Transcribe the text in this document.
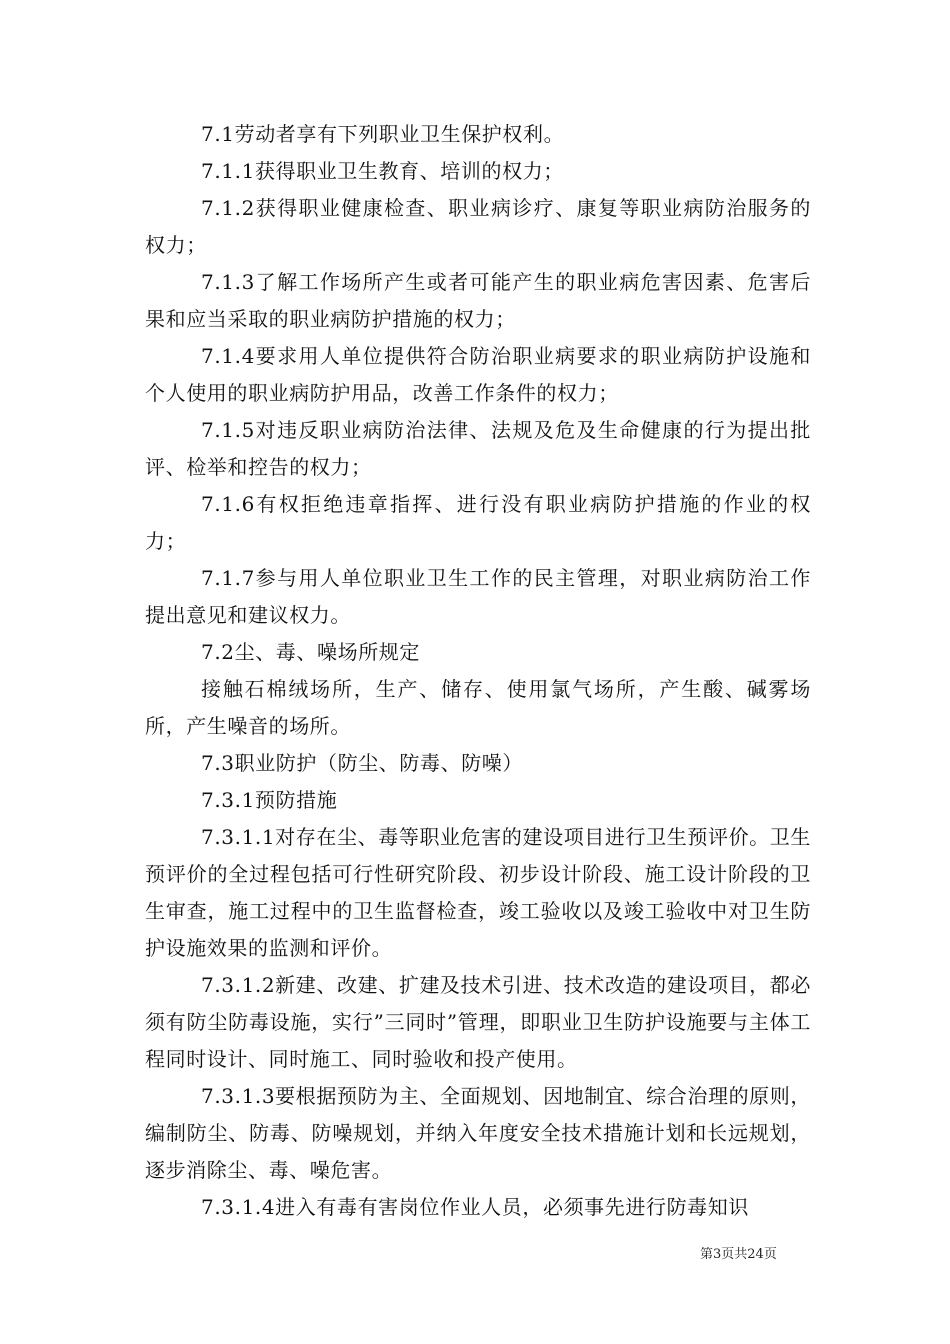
7.1劳动者享有下列职业卫生保护权利。

7.1.1获得职业卫生教育、培训的权力；

7.1.2获得职业健康检查、职业病诊疗、康复等职业病防治服务的权力；

7.1.3了解工作场所产生或者可能产生的职业病危害因素、危害后果和应当采取的职业病防护措施的权力；

7.1.4要求用人单位提供符合防治职业病要求的职业病防护设施和个人使用的职业病防护用品，改善工作条件的权力；

7.1.5对违反职业病防治法律、法规及危及生命健康的行为提出批评、检举和控告的权力；

7.1.6有权拒绝违章指挥、进行没有职业病防护措施的作业的权力；

7.1.7参与用人单位职业卫生工作的民主管理，对职业病防治工作提出意见和建议权力。

7.2尘、毒、噪场所规定

接触石棉绒场所，生产、储存、使用氯气场所，产生酸、碱雾场所，产生噪音的场所。

7.3职业防护（防尘、防毒、防噪）

7.3.1预防措施

7.3.1.1对存在尘、毒等职业危害的建设项目进行卫生预评价。卫生预评价的全过程包括可行性研究阶段、初步设计阶段、施工设计阶段的卫生审查，施工过程中的卫生监督检查，竣工验收以及竣工验收中对卫生防护设施效果的监测和评价。

7.3.1.2新建、改建、扩建及技术引进、技术改造的建设项目，都必须有防尘防毒设施，实行”三同时”管理，即职业卫生防护设施要与主体工程同时设计、同时施工、同时验收和投产使用。

7.3.1.3要根据预防为主、全面规划、因地制宜、综合治理的原则，编制防尘、防毒、防噪规划，并纳入年度安全技术措施计划和长远规划，逐步消除尘、毒、噪危害。

7.3.1.4进入有毒有害岗位作业人员，必须事先进行防毒知识

第3页共24页
